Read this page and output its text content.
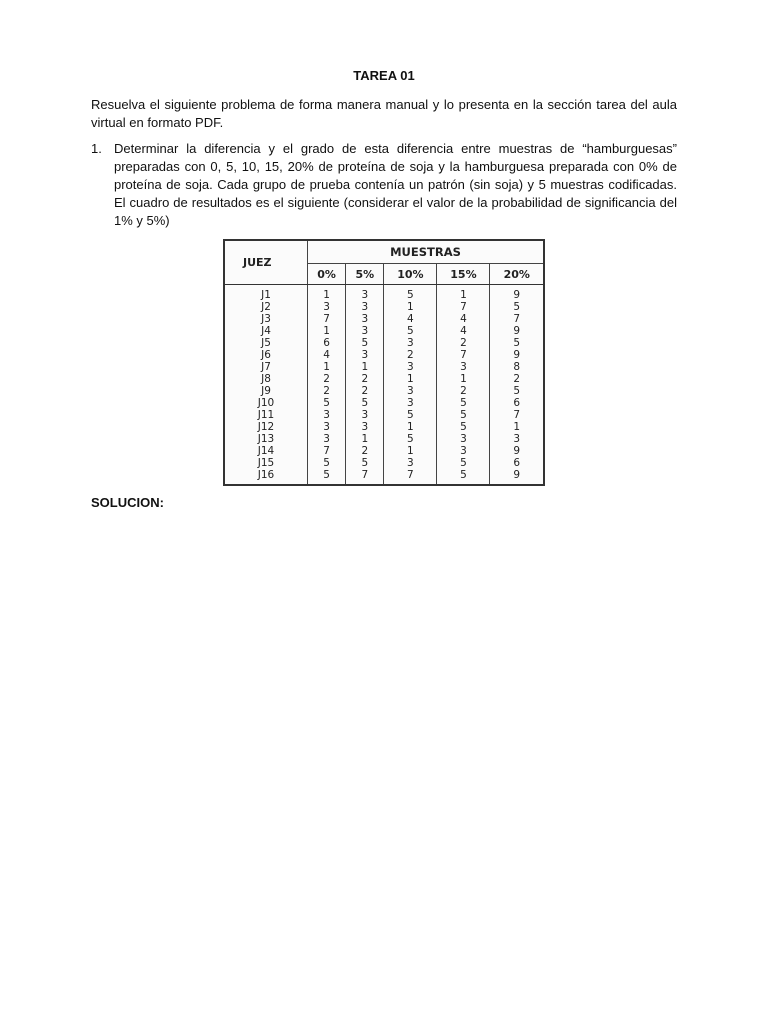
TAREA 01
Resuelva el siguiente problema de forma manera manual y lo presenta en la sección tarea del aula virtual en formato PDF.
1. Determinar la diferencia y el grado de esta diferencia entre muestras de “hamburguesas” preparadas con 0, 5, 10, 15, 20% de proteína de soja y la hamburguesa preparada con 0% de proteína de soja. Cada grupo de prueba contenía un patrón (sin soja) y 5 muestras codificadas. El cuadro de resultados es el siguiente (considerar el valor de la probabilidad de significancia del 1% y 5%)
JUEZ	MUESTRAS				
	0%	5%	10%	15%	20%
J1	1	3	5	1	9
J2	3	3	1	7	5
J3	7	3	4	4	7
J4	1	3	5	4	9
J5	6	5	3	2	5
J6	4	3	2	7	9
J7	1	1	3	3	8
J8	2	2	1	1	2
J9	2	2	3	2	5
J10	5	5	3	5	6
J11	3	3	5	5	7
J12	3	3	1	5	1
J13	3	1	5	3	3
J14	7	2	1	3	9
J15	5	5	3	5	6
J16	5	7	7	5	9
SOLUCION:
